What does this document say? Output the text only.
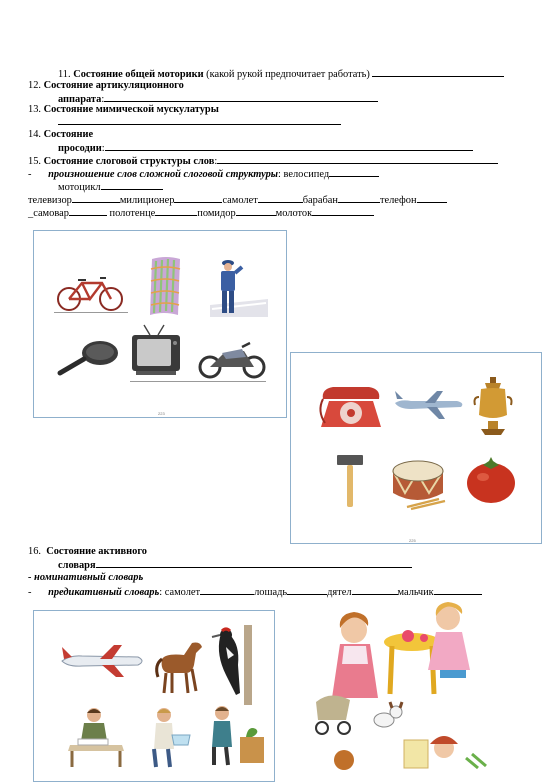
11. Состояние общей моторики (какой рукой предпочитает работать)
12. Состояние артикуляционного
аппарата:
13. Состояние мимической мускулатуры
14. Состояние
просодии:
15. Состояние слоговой структуры слов:
- произношение слов сложной слоговой структуры: велосипед
мотоцикл
телевизор	милиционер	самолет	барабан	телефон
_самовар	полотенце	помидор	молоток
223
225
16. Состояние активного
словаря
- номинативный словарь
- предикативный словарь: самолет	лошадь	дятел	мальчик
